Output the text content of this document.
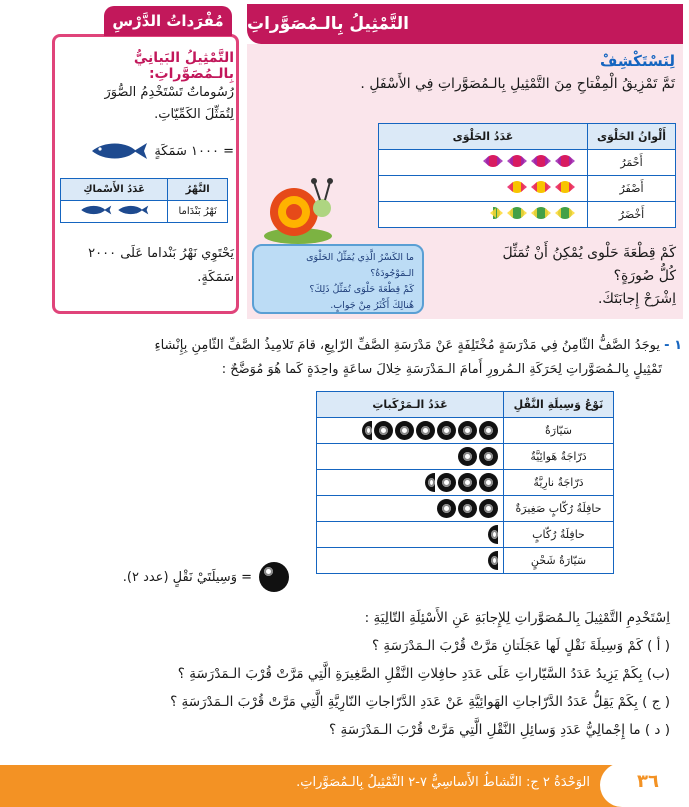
التَّمْثِيلُ بِالـمُصَوَّراتِ
مُفْرَداتُ الدَّرْسِ
التَّمْثِيلُ البَيانِيُّ بِالـمُصَوَّراتِ:
رُسُوماتٌ تَسْتَخْدِمُ الصُّوَرَ
لِتُمَثِّلَ الكَمِّيّاتِ.
= ١٠٠٠ سَمَكَةٍ
النَّهْرُ	عَدَدُ الأَسْماكِ
نَهْرُ بَنْدَاما	
يَحْتَوِي نَهْرُ بَنْداما عَلَى ٢٠٠٠
سَمَكَةٍ.
لِنَسْتَكْشِفْ
تَمَّ تَمْزِيقُ الْمِفْتاحِ مِنَ التَّمْثِيلِ بِالـمُصَوَّراتِ فِي الأَسْفَلِ .
أَلْوانُ الحَلْوَى	عَدَدُ الحَلْوَى
أَحْمَرُ	
أَصْفَرُ	
أَخْضَرُ	
كَمْ قِطْعَةَ حَلْوى يُمْكِنُ أَنْ تُمَثِّلَ
كُلُّ صُورَةٍ؟
اِشْرَحْ إِجابَتَكَ.
ما الكَسْرُ الَّذِي يُمَثِّلُ الحَلْوَى الـمَوْجُودَةُ؟
كَمْ قِطْعَةَ حَلْوَى تُمَثِّلُ ذَلِكَ؟
هُنالِكَ أَكْثَرُ مِنْ جَوابٍ.
١ - يوجَدُ الصَّفُّ الثّامِنُ فِي مَدْرَسَةٍ مُخْتَلِفَةٍ عَنْ مَدْرَسَةِ الصَّفِّ الرّابِعِ، قامَ تَلامِيذُ الصَّفِّ الثّامِنِ بِإِنْشاءِ
تَمْثِيلٍ بِالـمُصَوَّراتِ لِحَرَكَةِ الـمُرورِ أَمامَ الـمَدْرَسَةِ خِلالَ ساعَةٍ واحِدَةٍ كَما هُوَ مُوَضَّحٌ :
نَوْعُ وَسِيلَةِ النَّقْلِ	عَدَدُ الـمَرْكَباتِ
سَيّارَةٌ	
دَرّاجَةٌ هَوائِيَّةٌ	
دَرّاجَةٌ نارِيَّةٌ	
حافِلَةُ رُكّابٍ صَغِيرَةٌ	
حافِلَةُ رُكّابٍ	
سَيّارَةُ شَحْنٍ	
= وَسِيلَتَيْ نَقْلٍ (عدد ٢).
اِسْتَخْدِمِ التَّمْثِيلَ بِالـمُصَوَّراتِ لِلإِجابَةِ عَنِ الأَسْئِلَةِ التّالِيَةِ :
( أ ) كَمْ وَسِيلَةَ نَقْلٍ لَها عَجَلَتانِ مَرَّتْ قُرْبَ الـمَدْرَسَةِ ؟
(ب) بِكَمْ يَزِيدُ عَدَدُ السَّيّاراتِ عَلَى عَدَدِ حافِلاتِ النَّقْلِ الصَّغِيرَةِ الَّتِي مَرَّتْ قُرْبَ الـمَدْرَسَةِ ؟
( ج ) بِكَمْ يَقِلُّ عَدَدُ الدَّرّاجاتِ الهَوائِيَّةِ عَنْ عَدَدِ الدَّرّاجاتِ النّارِيَّةِ الَّتِي مَرَّتْ قُرْبَ الـمَدْرَسَةِ ؟
( د ) ما إِجْمالِيُّ عَدَدِ وَسائِلِ النَّقْلِ الَّتِي مَرَّتْ قُرْبَ الـمَدْرَسَةِ ؟
٣٦
الوَحْدَةُ ٢ ج: النَّشاطُ الأَساسِيُّ ٧-٢ التَّمْثِيلُ بِالـمُصَوَّراتِ.
